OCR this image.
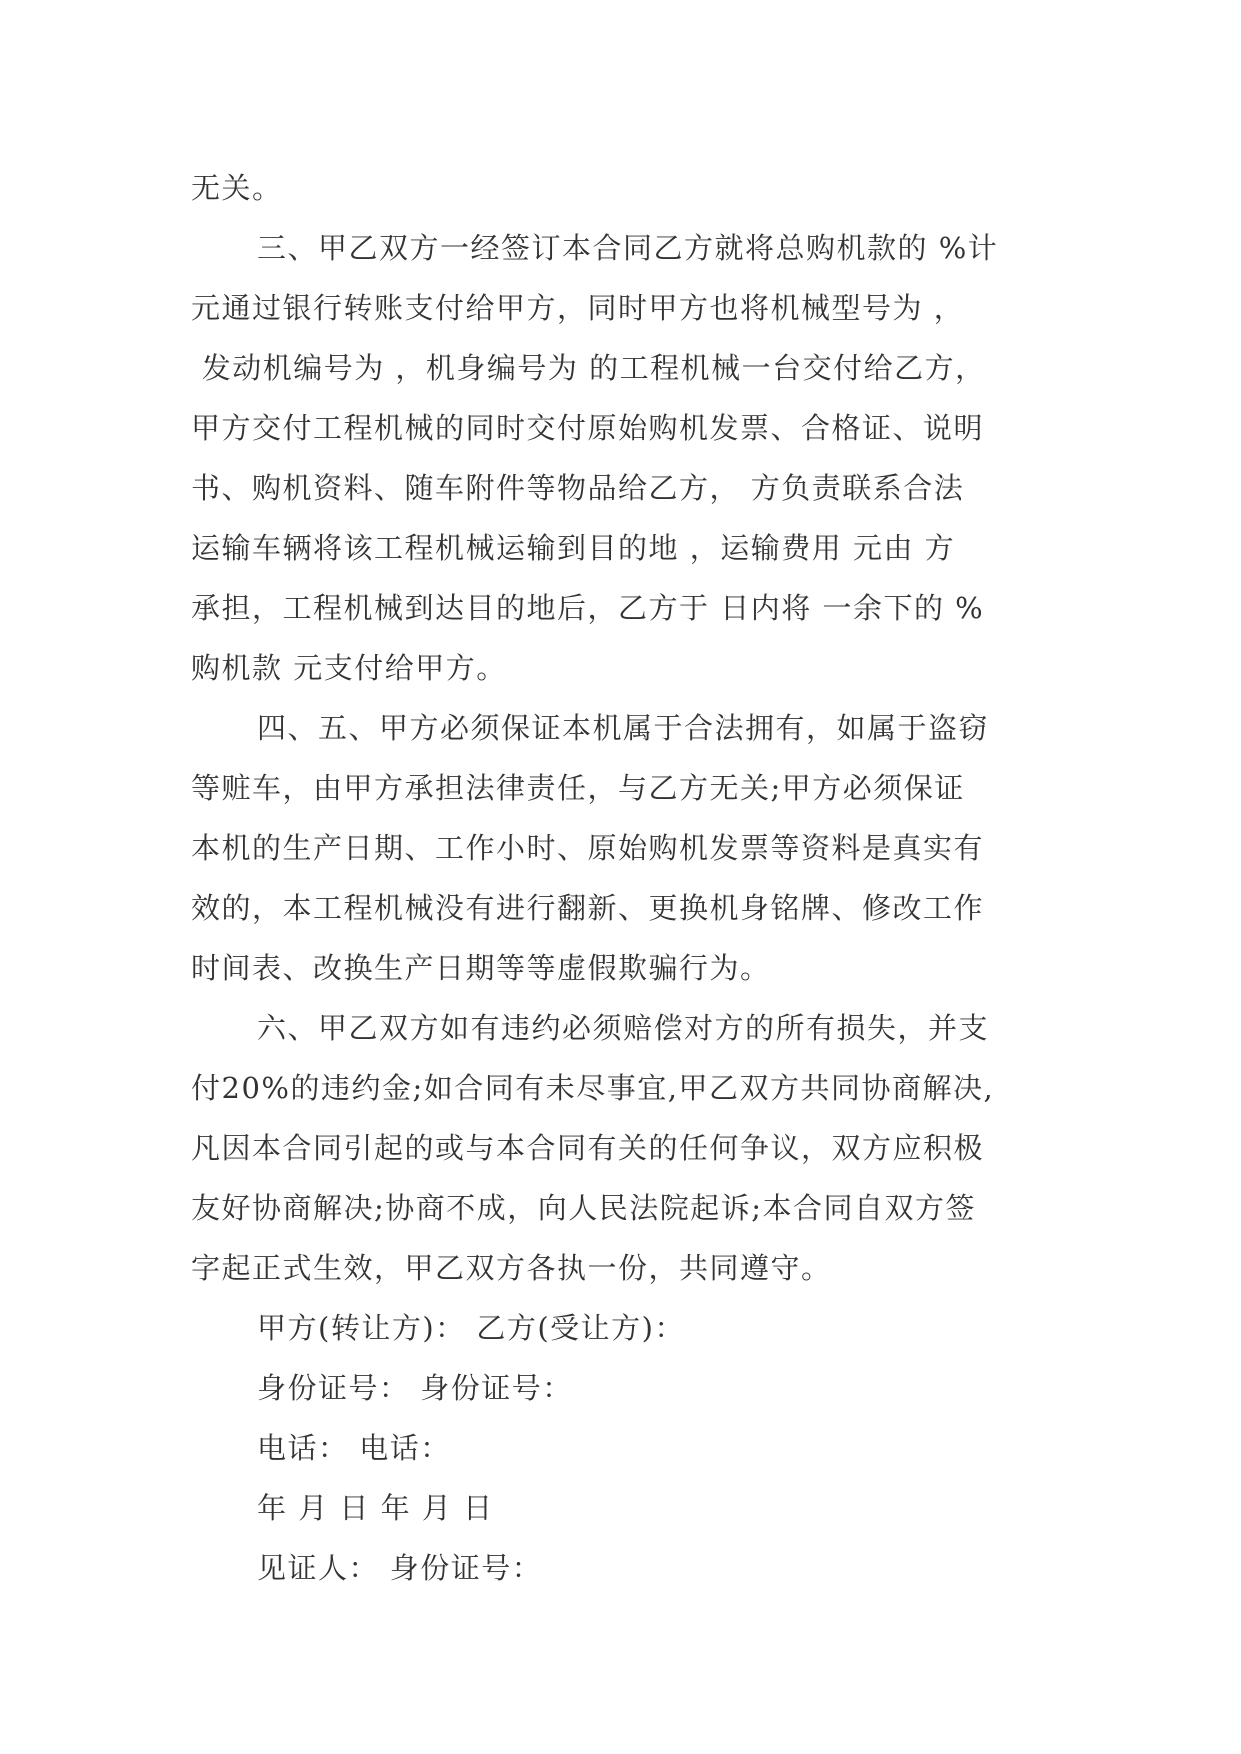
无关。
三、甲乙双方一经签订本合同乙方就将总购机款的 %计
元通过银行转账支付给甲方，同时甲方也将机械型号为 ，
发动机编号为 ，机身编号为 的工程机械一台交付给乙方，
甲方交付工程机械的同时交付原始购机发票、合格证、说明
书、购机资料、随车附件等物品给乙方， 方负责联系合法
运输车辆将该工程机械运输到目的地 ，运输费用 元由 方
承担，工程机械到达目的地后，乙方于 日内将 一余下的 %
购机款 元支付给甲方。
四、五、甲方必须保证本机属于合法拥有，如属于盗窃
等赃车，由甲方承担法律责任，与乙方无关;甲方必须保证
本机的生产日期、工作小时、原始购机发票等资料是真实有
效的，本工程机械没有进行翻新、更换机身铭牌、修改工作
时间表、改换生产日期等等虚假欺骗行为。
六、甲乙双方如有违约必须赔偿对方的所有损失，并支
付20%的违约金;如合同有未尽事宜,甲乙双方共同协商解决,
凡因本合同引起的或与本合同有关的任何争议，双方应积极
友好协商解决;协商不成，向人民法院起诉;本合同自双方签
字起正式生效，甲乙双方各执一份，共同遵守。
甲方(转让方)： 乙方(受让方)：
身份证号： 身份证号：
电话： 电话：
年 月 日 年 月 日
见证人： 身份证号：
